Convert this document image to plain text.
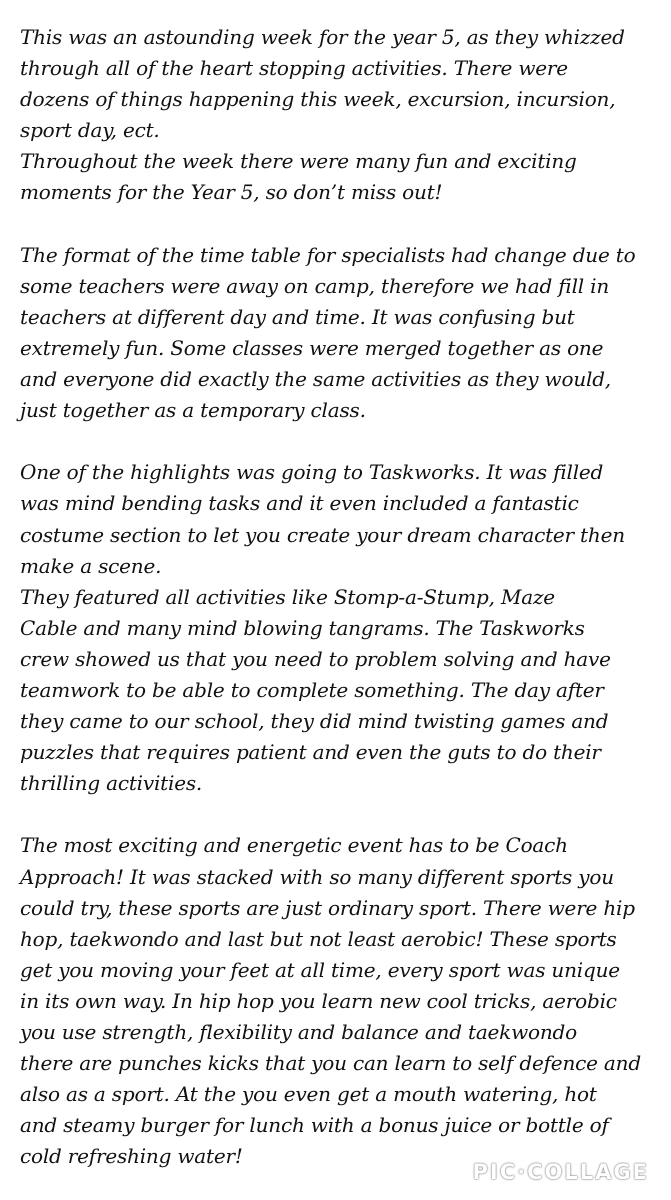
This was an astounding week for the year 5, as they whizzed
through all of the heart stopping activities. There were
dozens of things happening this week, excursion, incursion,
sport day, ect.
Throughout the week there were many fun and exciting
moments for the Year 5, so don’t miss out!
The format of the time table for specialists had change due to
some teachers were away on camp, therefore we had fill in
teachers at different day and time. It was confusing but
extremely fun. Some classes were merged together as one
and everyone did exactly the same activities as they would,
just together as a temporary class.
One of the highlights was going to Taskworks. It was filled
was mind bending tasks and it even included a fantastic
costume section to let you create your dream character then
make a scene.
They featured all activities like Stomp-a-Stump, Maze
Cable and many mind blowing tangrams. The Taskworks
crew showed us that you need to problem solving and have
teamwork to be able to complete something. The day after
they came to our school, they did mind twisting games and
puzzles that requires patient and even the guts to do their
thrilling activities.
The most exciting and energetic event has to be Coach
Approach! It was stacked with so many different sports you
could try, these sports are just ordinary sport. There were hip
hop, taekwondo and last but not least aerobic! These sports
get you moving your feet at all time, every sport was unique
in its own way. In hip hop you learn new cool tricks, aerobic
you use strength, flexibility and balance and taekwondo
there are punches kicks that you can learn to self defence and
also as a sport. At the you even get a mouth watering, hot
and steamy burger for lunch with a bonus juice or bottle of
cold refreshing water!
PIC·COLLAGE
